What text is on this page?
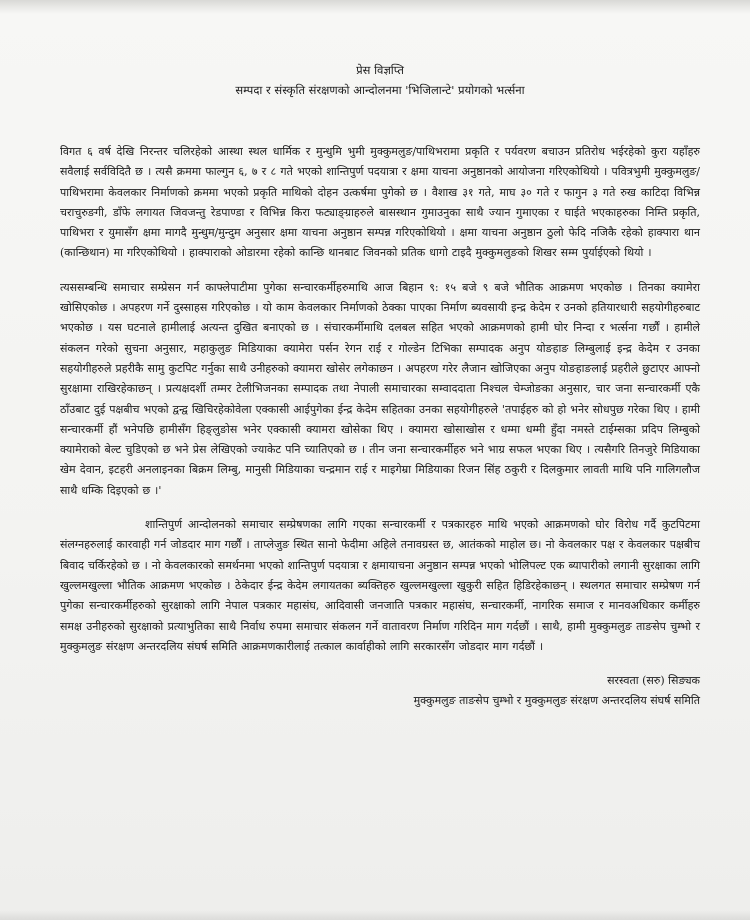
प्रेस विज्ञप्ति
सम्पदा र संस्कृति संरक्षणको आन्दोलनमा 'भिजिलान्टे' प्रयोगको भर्त्सना

विगत ६ वर्ष देखि निरन्तर चलिरहेको आस्था स्थल धार्मिक र मुन्धुमि भुमी मुक्कुमलुङ/पाथिभरामा प्रकृति र पर्यवरण बचाउन प्रतिरोध भईरहेको कुरा यहाँहरु सवैलाई सर्वविदितै छ । त्यसै क्रममा फाल्गुन ६, ७ र ८ गते भएको शान्तिपुर्ण पदयात्रा र क्षमा याचना अनुष्ठानको आयोजना गरिएकोथियो । पवित्रभुमी मुक्कुमलुङ/पाथिभरामा केवलकार निर्माणको क्रममा भएको प्रकृति माथिको दोहन उत्कर्षमा पुगेको छ । वैशाख ३१ गते, माघ ३० गते र फागुन ३ गते रुख काटिदा विभिन्न चराचुरुङगी, डाँफे लगायत जिवजन्तु रेडपाण्डा र विभिन्न किरा फट्याङ्ग्राहरुले बासस्थान गुमाउनुका साथै ज्यान गुमाएका र घाईते भएकाहरुका निम्ति प्रकृति, पाथिभरा र युमासँग क्षमा मागदै मुन्धुम/मुन्दुम अनुसार क्षमा याचना अनुष्ठान सम्पन्न गरिएकोथियो । क्षमा याचना अनुष्ठान ठुलो फेदि नजिकै रहेको हाक्पारा थान (कान्छिथान) मा गरिएकोथियो । हाक्पाराको ओडारमा रहेको कान्छि थानबाट जिवनको प्रतिक धागो टाइदै मुक्कुमलुङको शिखर सम्म पुर्याईएको थियो ।

त्यससम्बन्धि समाचार सम्प्रेसन गर्न काफ्लेपाटीमा पुगेका सन्चारकर्मीहरुमाथि आज बिहान ९: १५ बजे ९ बजे भौतिक आक्रमण भएकोछ । तिनका क्यामेरा खोसिएकोछ । अपहरण गर्ने दुस्साहस गरिएकोछ । यो काम केवलकार निर्माणको ठेक्का पाएका निर्माण ब्यवसायी इन्द्र केदेम र उनको हतियारधारी सहयोगीहरुबाट भएकोछ । यस घटनाले हामीलाई अत्यन्त दुखित बनाएको छ । संचारकर्मीमाथि दलबल सहित भएको आक्रमणको हामी घोर निन्दा र भर्त्सना गर्छौं । हामीले संकलन गरेको सुचना अनुसार, महाकुलुङ मिडियाका क्यामेरा पर्सन रेगन राई र गोल्डेन टिभिका सम्पादक अनुप योङहाङ लिम्बुलाई इन्द्र केदेम र उनका सहयोगीहरुले प्रहरीकै सामु कुटपिट गर्नुका साथै उनीहरुको क्यामरा खोसेर लगेकाछन । अपहरण गरेर लैजान खोजिएका अनुप योङहाङलाई प्रहरीले छुटाएर आफ्नो सुरक्षामा राखिरहेकाछन् । प्रत्यक्षदर्शी तम्मर टेलीभिजनका सम्पादक तथा नेपाली समाचारका सम्वाददाता निश्चल चेम्जोङका अनुसार, चार जना सन्चारकर्मी एकै ठाँउबाट दुई पक्षबीच भएको द्वन्द्व खिचिरहेकोवेला एक्कासी आईपुगेका ईन्द्र केदेम सहितका उनका सहयोगीहरुले 'तपाईहरु को हो भनेर सोधपुछ गरेका थिए । हामी सन्चारकर्मी हौं भनेपछि हामीसँग हिङ्लुङोस भनेर एक्कासी क्यामरा खोसेका थिए । क्यामरा खोसाखोस र धम्मा धम्मी हुँदा नमस्ते टाईम्सका प्रदिप लिम्बुको क्यामेराको बेल्ट चुडिएको छ भने प्रेस लेखिएको ज्याकेट पनि च्यातिएको छ । तीन जना सन्चारकर्मीहरु भने भाग्र सफल भएका थिए । त्यसैगरि तिनजुरे मिडियाका खेम देवान, इटहरी अनलाइनका बिक्रम लिम्बु, मानुसी मिडियाका चन्द्रमान राई र माइगेम्रा मिडियाका रिजन सिंह ठकुरी र दिलकुमार लावती माथि पनि गालिगलौज साथै धम्कि दिइएको छ ।'

शान्तिपुर्ण आन्दोलनको समाचार सम्प्रेषणका लागि गएका सन्चारकर्मी र पत्रकारहरु माथि भएको आक्रमणको घोर विरोध गर्दै कुटपिटमा संलग्नहरुलाई कारवाही गर्न जोडदार माग गर्छौं । ताप्लेजुङ स्थित सानो फेदीमा अहिले तनावग्रस्त छ, आतंकको माहोल छ। नो केवलकार पक्ष र केवलकार पक्षबीच बिवाद चर्किरहेको छ । नो केवलकारको समर्थनमा भएको शान्तिपुर्ण पदयात्रा र क्षमायाचना अनुष्ठान सम्पन्न भएको भोलिपल्ट एक ब्यापारीको लगानी सुरक्षाका लागि खुल्लमखुल्ला भौतिक आक्रमण भएकोछ । ठेकेदार ईन्द्र केदेम लगायतका ब्यक्तिहरु खुल्लमखुल्ला खुकुरी सहित हिडिरहेकाछन् । स्थलगत समाचार सम्प्रेषण गर्न पुगेका सन्चारकर्मीहरुको सुरक्षाको लागि नेपाल पत्रकार महासंघ, आदिवासी जनजाति पत्रकार महासंघ, सन्चारकर्मी, नागरिक समाज र मानवअधिकार कर्मीहरु समक्ष उनीहरुको सुरक्षाको प्रत्याभुतिका साथै निर्वाध रुपमा समाचार संकलन गर्ने वातावरण निर्माण गरिदिन माग गर्दछौं । साथै, हामी मुक्कुमलुङ ताङसेप चुम्भो र मुक्कुमलुङ संरक्षण अन्तरदलिय संघर्ष समिति आक्रमणकारीलाई तत्काल कार्वाहीको लागि सरकारसँग जोडदार माग गर्दछौं ।

सरस्वता (सरु) सिङ्यक
मुक्कुमलुङ ताङसेप चुम्भो र मुक्कुमलुङ संरक्षण अन्तरदलिय संघर्ष समिति
